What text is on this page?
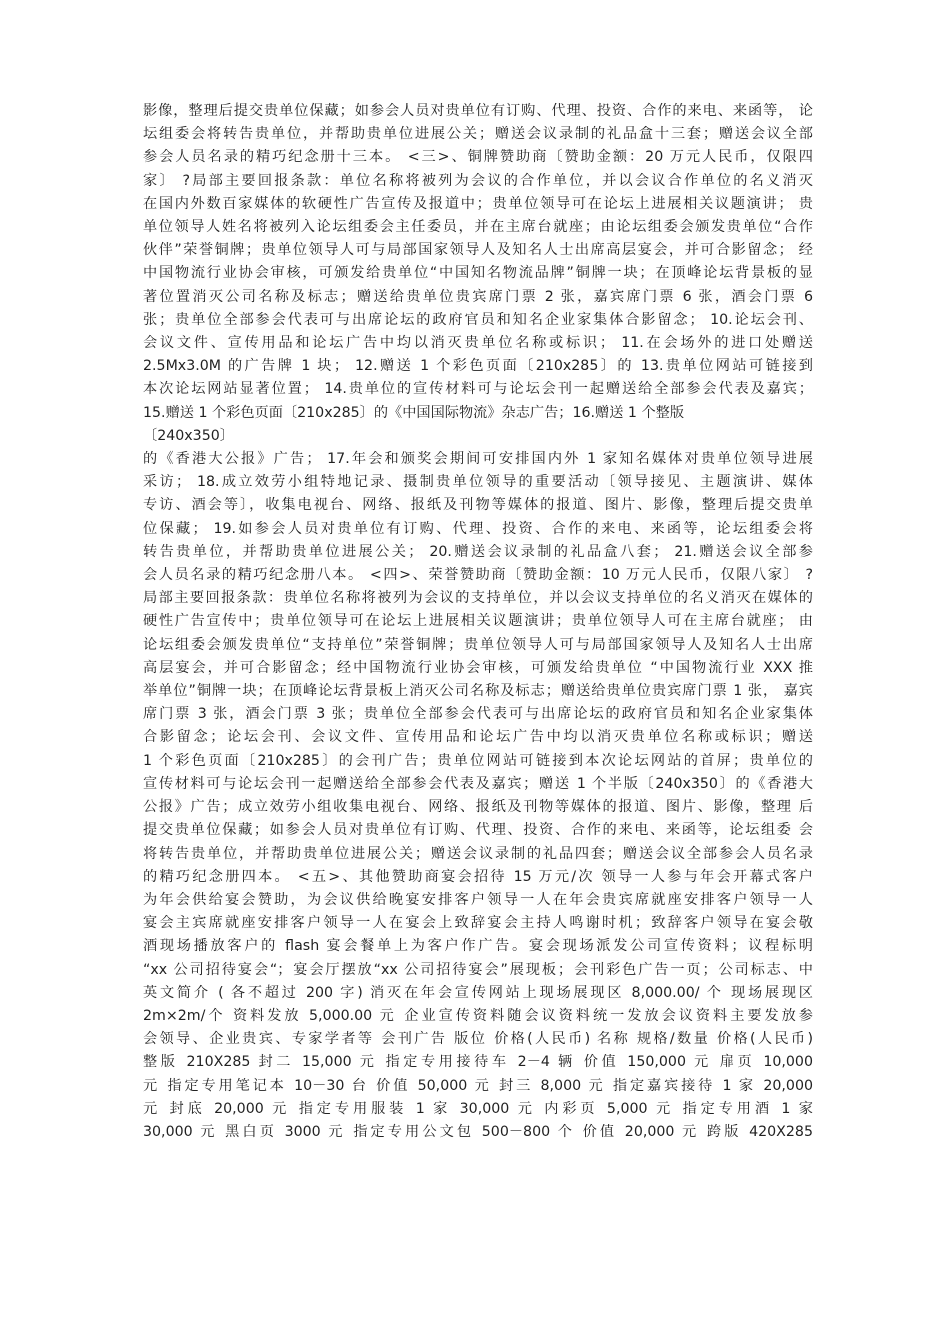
影像，整理后提交贵单位保藏；如参会人员对贵单位有订购、代理、投资、合作的来电、来函等， 论
坛组委会将转告贵单位，并帮助贵单位进展公关；赠送会议录制的礼品盒十三套；赠送会议全部
参会人员名录的精巧纪念册十三本。 <三>、铜牌赞助商〔赞助金额：20 万元人民币，仅限四
家〕 ?局部主要回报条款：单位名称将被列为会议的合作单位，并以会议合作单位的名义消灭
在国内外数百家媒体的软硬性广告宣传及报道中；贵单位领导可在论坛上进展相关议题演讲； 贵
单位领导人姓名将被列入论坛组委会主任委员，并在主席台就座；由论坛组委会颁发贵单位“合作
伙伴”荣誉铜牌；贵单位领导人可与局部国家领导人及知名人士出席高层宴会，并可合影留念； 经
中国物流行业协会审核，可颁发给贵单位“中国知名物流品牌”铜牌一块；在顶峰论坛背景板的显
著位置消灭公司名称及标志；赠送给贵单位贵宾席门票 2 张，嘉宾席门票 6 张，酒会门票 6
张；贵单位全部参会代表可与出席论坛的政府官员和知名企业家集体合影留念； 10.论坛会刊、
会议文件、宣传用品和论坛广告中均以消灭贵单位名称或标识； 11.在会场外的进口处赠送
2.5Mx3.0M 的广告牌 1 块； 12.赠送 1 个彩色页面〔210x285〕的 13.贵单位网站可链接到
本次论坛网站显著位置； 14.贵单位的宣传材料可与论坛会刊一起赠送给全部参会代表及嘉宾；
15.赠送 1 个彩色页面〔210x285〕的《中国国际物流》杂志广告；16.赠送 1 个整版
〔240x350〕
的《香港大公报》广告； 17.年会和颁奖会期间可安排国内外 1 家知名媒体对贵单位领导进展
采访； 18.成立效劳小组特地记录、摄制贵单位领导的重要活动〔领导接见、主题演讲、媒体
专访、酒会等〕，收集电视台、网络、报纸及刊物等媒体的报道、图片、影像，整理后提交贵单
位保藏； 19.如参会人员对贵单位有订购、代理、投资、合作的来电、来函等，论坛组委会将
转告贵单位，并帮助贵单位进展公关； 20.赠送会议录制的礼品盒八套； 21.赠送会议全部参
会人员名录的精巧纪念册八本。 <四>、荣誉赞助商〔赞助金额：10 万元人民币，仅限八家〕 ?
局部主要回报条款：贵单位名称将被列为会议的支持单位，并以会议支持单位的名义消灭在媒体的
硬性广告宣传中；贵单位领导可在论坛上进展相关议题演讲；贵单位领导人可在主席台就座； 由
论坛组委会颁发贵单位“支持单位”荣誉铜牌；贵单位领导人可与局部国家领导人及知名人士出席
高层宴会，并可合影留念；经中国物流行业协会审核，可颁发给贵单位 “中国物流行业 XXX 推
举单位”铜牌一块；在顶峰论坛背景板上消灭公司名称及标志；赠送给贵单位贵宾席门票 1 张， 嘉宾
席门票 3 张，酒会门票 3 张；贵单位全部参会代表可与出席论坛的政府官员和知名企业家集体
合影留念；论坛会刊、会议文件、宣传用品和论坛广告中均以消灭贵单位名称或标识；赠送
1 个彩色页面〔210x285〕的会刊广告；贵单位网站可链接到本次论坛网站的首屏；贵单位的
宣传材料可与论坛会刊一起赠送给全部参会代表及嘉宾；赠送 1 个半版〔240x350〕的《香港大
公报》广告；成立效劳小组收集电视台、网络、报纸及刊物等媒体的报道、图片、影像，整理 后
提交贵单位保藏；如参会人员对贵单位有订购、代理、投资、合作的来电、来函等，论坛组委 会
将转告贵单位，并帮助贵单位进展公关；赠送会议录制的礼品四套；赠送会议全部参会人员名录
的精巧纪念册四本。 <五>、其他赞助商宴会招待 15 万元/次 领导一人参与年会开幕式客户
为年会供给宴会赞助，为会议供给晚宴安排客户领导一人在年会贵宾席就座安排客户领导一人
宴会主宾席就座安排客户领导一人在宴会上致辞宴会主持人鸣谢时机；致辞客户领导在宴会敬
酒现场播放客户的 flash 宴会餐单上为客户作广告。宴会现场派发公司宣传资料；议程标明
“xx 公司招待宴会“；宴会厅摆放“xx 公司招待宴会”展现板；会刊彩色广告一页；公司标志、中
英文简介 ( 各不超过 200 字) 消灭在年会宣传网站上现场展现区 8,000.00/ 个 现场展现区
2m×2m/个 资料发放 5,000.00 元 企业宣传资料随会议资料统一发放会议资料主要发放参
会领导、企业贵宾、专家学者等 会刊广告 版位 价格(人民币) 名称 规格/数量 价格(人民币)
整版 210X285 封二 15,000 元 指定专用接待车 2－4 辆 价值 150,000 元 扉页 10,000
元 指定专用笔记本 10－30 台 价值 50,000 元 封三 8,000 元 指定嘉宾接待 1 家 20,000
元 封底 20,000 元 指定专用服装 1 家 30,000 元 内彩页 5,000 元 指定专用酒 1 家
30,000 元 黑白页 3000 元 指定专用公文包 500－800 个 价值 20,000 元 跨版 420X285
